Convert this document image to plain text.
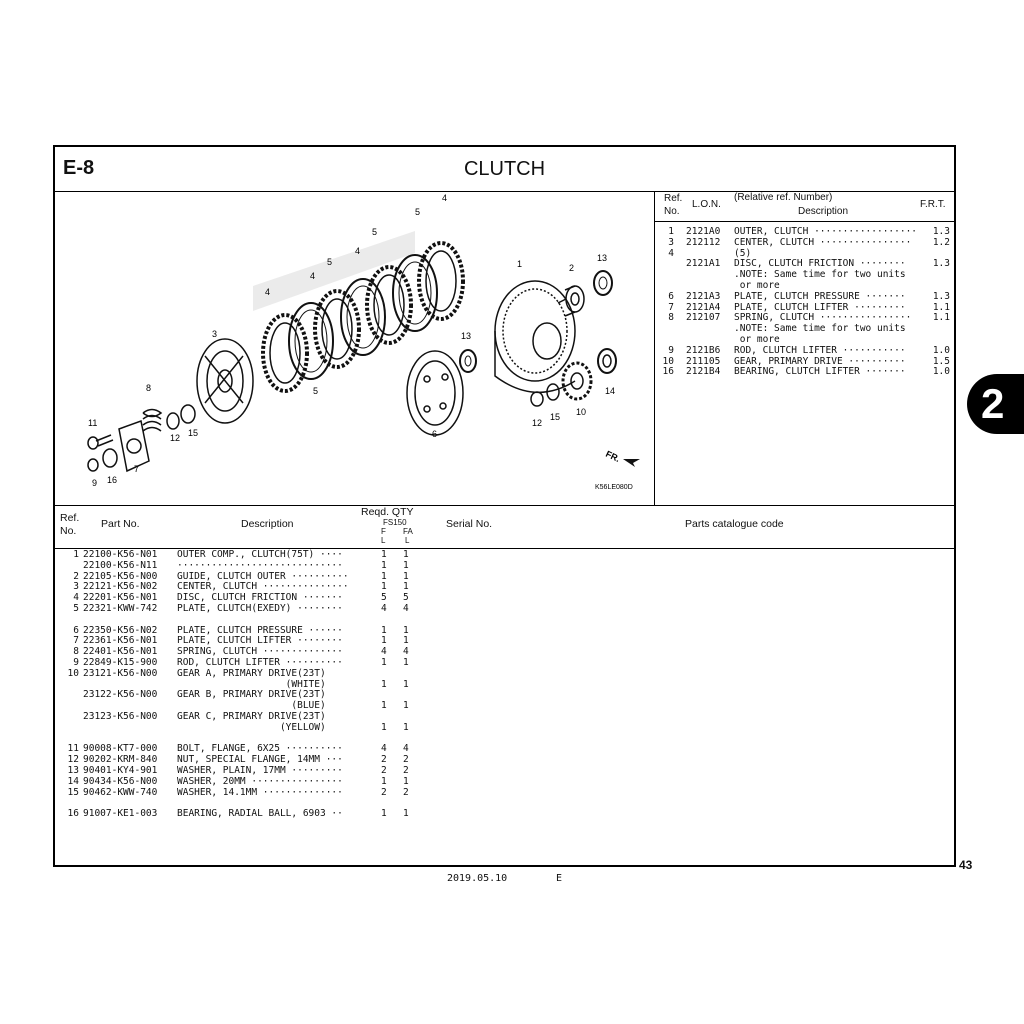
E-8	CLUTCH
FR.
1	2
3
4
4
4
4
5
5
5
5
6
7
8
9
10
11
12
12
13
13
14
15
15
16
K56LE080D
Ref.
No.
L.O.N.
(Relative ref. Number)
Description
F.R.T.
1 2121A0 OUTER, CLUTCH ·················· 1.3
3 212112 CENTER, CLUTCH ················ 1.2
4	(5)
2121A1 DISC, CLUTCH FRICTION ········	1.3
.NOTE: Same time for two units
or more
6 2121A3 PLATE, CLUTCH PRESSURE ·······	1.3
7 2121A4 PLATE, CLUTCH LIFTER ·········	1.1
8 212107 SPRING, CLUTCH ················ 1.1
.NOTE: Same time for two units
or more
9 2121B6 ROD, CLUTCH LIFTER ···········	1.0
10 211105 GEAR, PRIMARY DRIVE ··········	1.5
16 2121B4 BEARING, CLUTCH LIFTER ·······	1.0
Ref.
No.
Part No.	Description
Reqd. QTY
FS150
F FA
L L
Serial No.	Parts catalogue code
1 22100-K56-N01 OUTER COMP., CLUTCH(75T) ····	1 1
22100-K56-N11 ·····························	1 1
2 22105-K56-N00 GUIDE, CLUTCH OUTER ··········	1 1
3 22121-K56-N02 CENTER, CLUTCH ···············	1 1
4 22201-K56-N01 DISC, CLUTCH FRICTION ·······	5 5
5 22321-KWW-742 PLATE, CLUTCH(EXEDY) ········	4 4
6 22350-K56-N02 PLATE, CLUTCH PRESSURE ······	1 1
7 22361-K56-N01 PLATE, CLUTCH LIFTER ········	1 1
8 22401-K56-N01 SPRING, CLUTCH ··············	4 4
9 22849-K15-900 ROD, CLUTCH LIFTER ··········	1 1
10 23121-K56-N00 GEAR A, PRIMARY DRIVE(23T)
(WHITE)	1 1
23122-K56-N00 GEAR B, PRIMARY DRIVE(23T)
(BLUE)	1 1
23123-K56-N00 GEAR C, PRIMARY DRIVE(23T)
(YELLOW)	1 1
11 90008-KT7-000 BOLT, FLANGE, 6X25 ··········	4 4
12 90202-KRM-840 NUT, SPECIAL FLANGE, 14MM ···	2 2
13 90401-KY4-901 WASHER, PLAIN, 17MM ·········	2 2
14 90434-K56-N00 WASHER, 20MM ················	1 1
15 90462-KWW-740 WASHER, 14.1MM ··············	2 2
16 91007-KE1-003 BEARING, RADIAL BALL, 6903 ··	1 1
2
43
2019.05.10	E
